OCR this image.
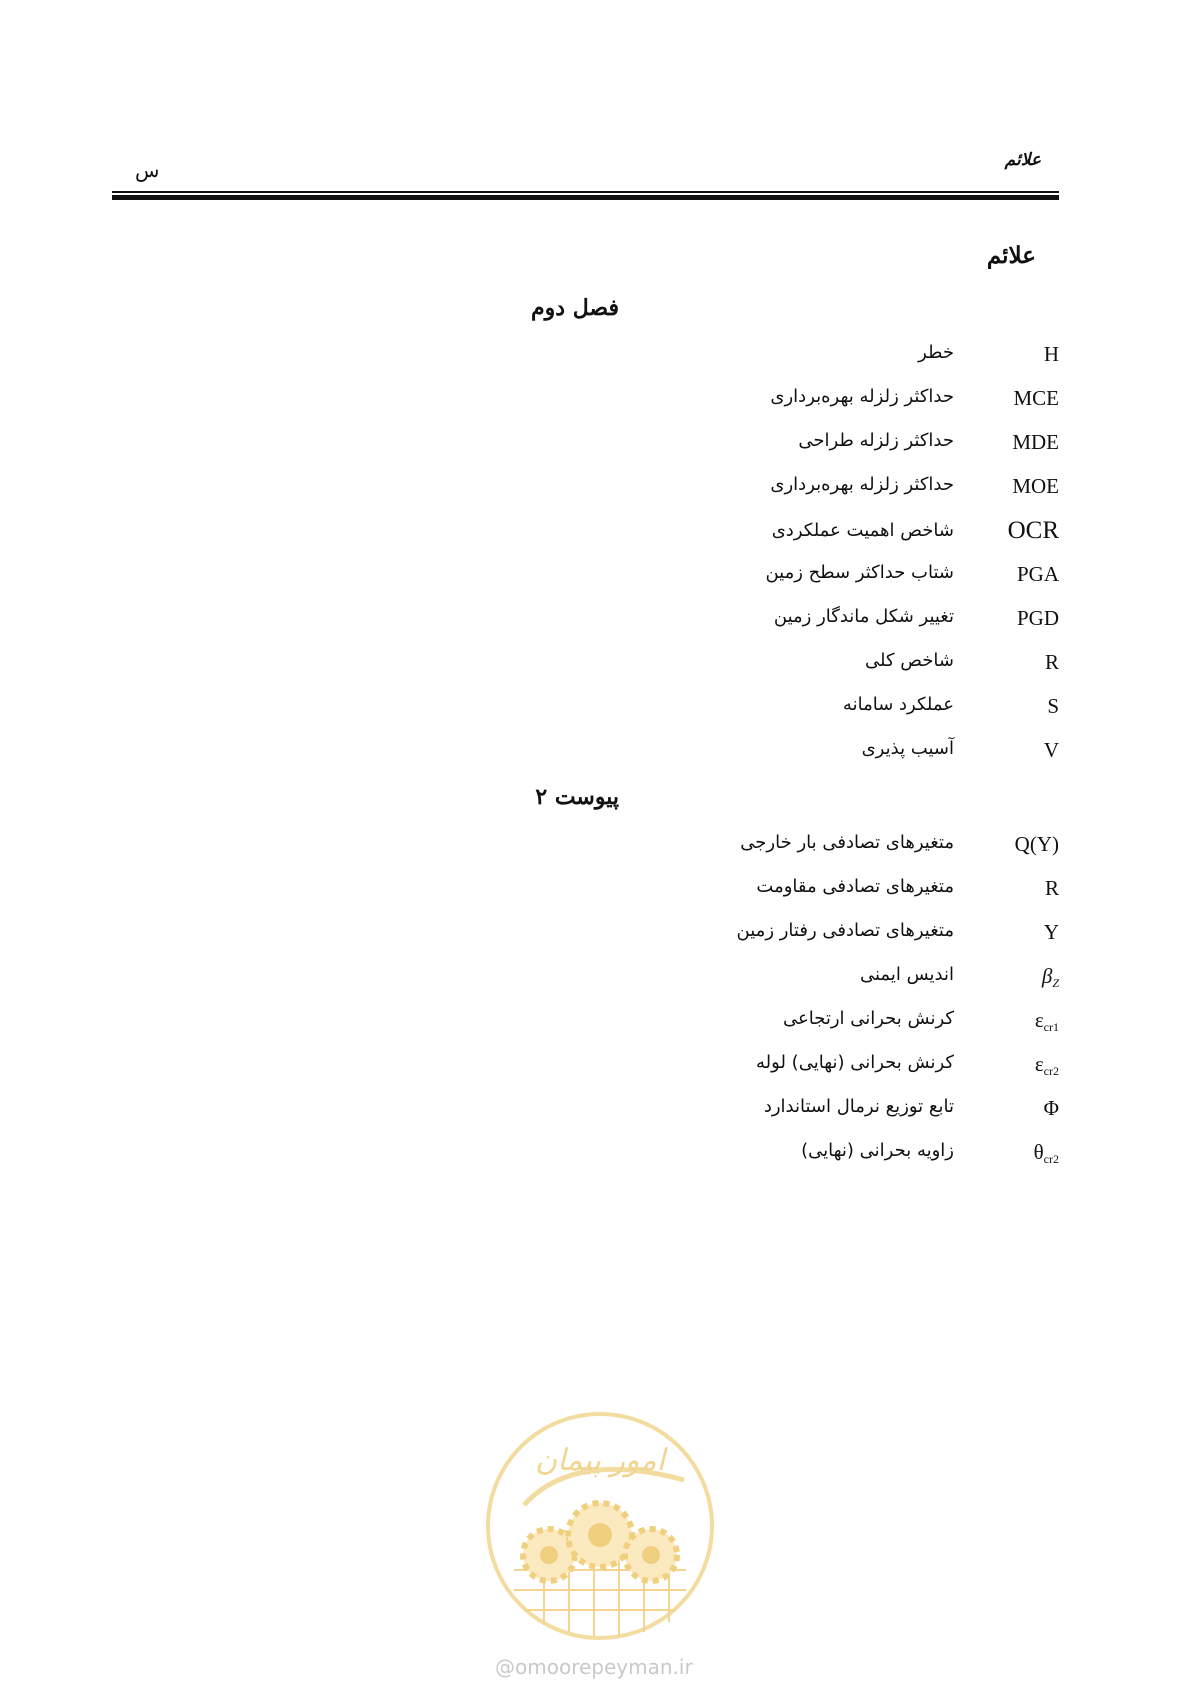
علائم
س
علائم
فصل دوم
H
خطر
MCE
حداکثر زلزله بهره‌برداری
MDE
حداکثر زلزله طراحی
MOE
حداکثر زلزله بهره‌برداری
OCR
شاخص اهمیت عملکردی
PGA
شتاب حداکثر سطح زمین
PGD
تغییر شکل ماندگار زمین
R
شاخص کلی
S
عملکرد سامانه
V
آسیب پذیری
پیوست ۲
Q(Y)
متغیرهای تصادفی بار خارجی
R
متغیرهای تصادفی مقاومت
Y
متغیرهای تصادفی رفتار زمین
$\beta_Z$
اندیس ایمنی
$\varepsilon_{cr1}$
کرنش بحرانی ارتجاعی
$\varepsilon_{cr2}$
کرنش بحرانی (نهایی) لوله
Φ
تابع توزیع نرمال استاندارد
$\theta_{cr2}$
زاویه بحرانی (نهایی)
امور پیمان
@omoorepeyman.ir
